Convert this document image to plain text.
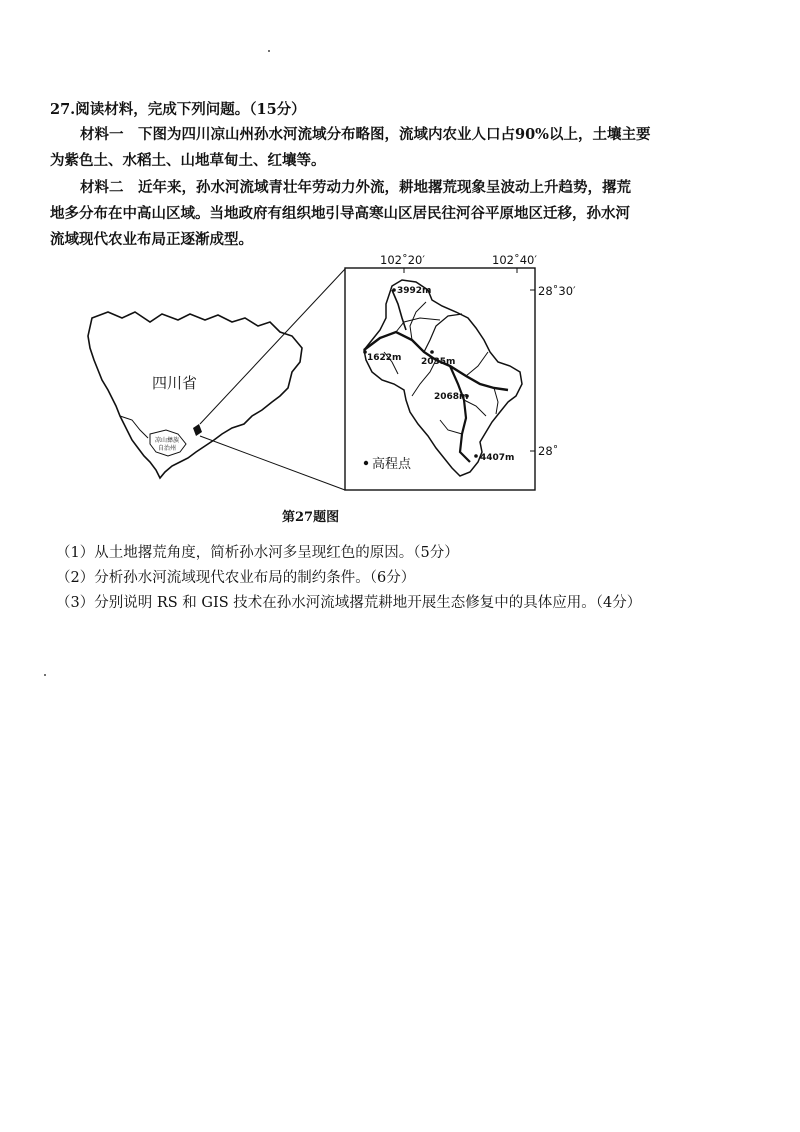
27.阅读材料，完成下列问题。（15分）
材料一　下图为四川凉山州孙水河流域分布略图，流域内农业人口占90%以上，土壤主要
为紫色土、水稻土、山地草甸土、红壤等。
材料二　近年来，孙水河流域青壮年劳动力外流，耕地撂荒现象呈波动上升趋势，撂荒
地多分布在中高山区域。当地政府有组织地引导高寒山区居民往河谷平原地区迁移，孙水河
流域现代农业布局正逐渐成型。
四川省
凉山彝族
自治州
102˚20′	102˚40′
28˚30′
28˚
3992m
1622m 2035m
2068m
4407m
高程点
第27题图
（1）从土地撂荒角度，简析孙水河多呈现红色的原因。（5分）
（2）分析孙水河流域现代农业布局的制约条件。（6分）
（3）分别说明 RS 和 GIS 技术在孙水河流域撂荒耕地开展生态修复中的具体应用。（4分）
